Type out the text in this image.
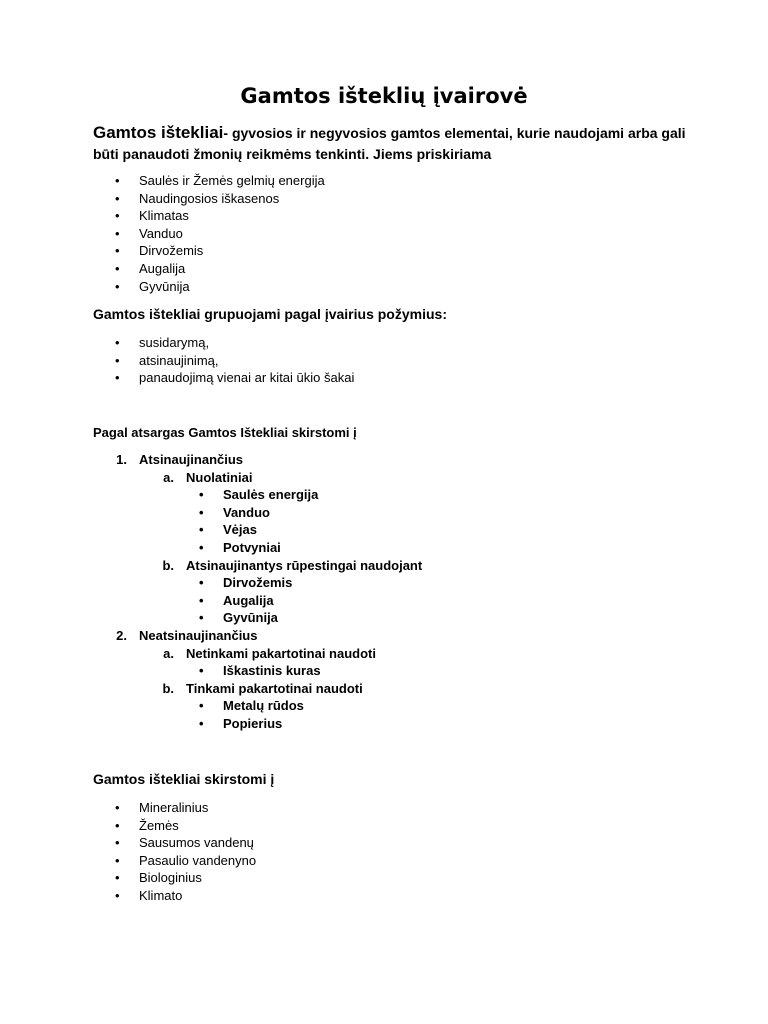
Gamtos išteklių įvairovė
Gamtos ištekliai- gyvosios ir negyvosios gamtos elementai, kurie naudojami arba gali būti panaudoti žmonių reikmėms tenkinti. Jiems priskiriama
• Saulės ir Žemės gelmių energija
• Naudingosios iškasenos
• Klimatas
• Vanduo
• Dirvožemis
• Augalija
• Gyvūnija
Gamtos ištekliai grupuojami pagal įvairius požymius:
• susidarymą,
• atsinaujinimą,
• panaudojimą vienai ar kitai ūkio šakai
Pagal atsargas Gamtos Ištekliai skirstomi į
1. Atsinaujinančius
a. Nuolatiniai
• Saulės energija
• Vanduo
• Vėjas
• Potvyniai
b. Atsinaujinantys rūpestingai naudojant
• Dirvožemis
• Augalija
• Gyvūnija
2. Neatsinaujinančius
a. Netinkami pakartotinai naudoti
• Iškastinis kuras
b. Tinkami pakartotinai naudoti
• Metalų rūdos
• Popierius
Gamtos ištekliai skirstomi į
• Mineralinius
• Žemės
• Sausumos vandenų
• Pasaulio vandenyno
• Biologinius
• Klimato
